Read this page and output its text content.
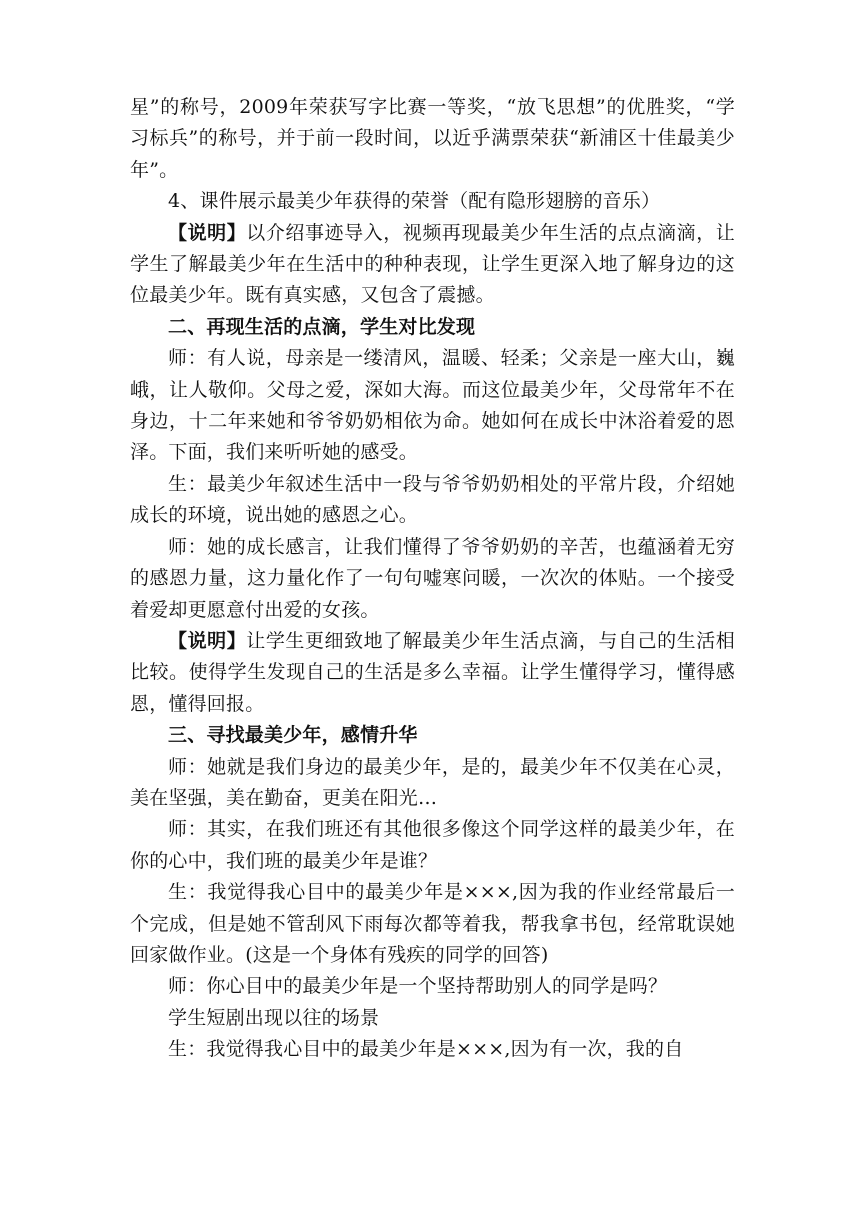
星”的称号，2009年荣获写字比赛一等奖，“放飞思想”的优胜奖，“学习标兵”的称号，并于前一段时间，以近乎满票荣获“新浦区十佳最美少年”。

4、课件展示最美少年获得的荣誉（配有隐形翅膀的音乐）

【说明】以介绍事迹导入，视频再现最美少年生活的点点滴滴，让学生了解最美少年在生活中的种种表现，让学生更深入地了解身边的这位最美少年。既有真实感，又包含了震撼。

二、再现生活的点滴，学生对比发现

师：有人说，母亲是一缕清风，温暖、轻柔；父亲是一座大山，巍峨，让人敬仰。父母之爱，深如大海。而这位最美少年，父母常年不在身边，十二年来她和爷爷奶奶相依为命。她如何在成长中沐浴着爱的恩泽。下面，我们来听听她的感受。

生：最美少年叙述生活中一段与爷爷奶奶相处的平常片段，介绍她成长的环境，说出她的感恩之心。

师：她的成长感言，让我们懂得了爷爷奶奶的辛苦，也蕴涵着无穷的感恩力量，这力量化作了一句句嘘寒问暖，一次次的体贴。一个接受着爱却更愿意付出爱的女孩。

【说明】让学生更细致地了解最美少年生活点滴，与自己的生活相比较。使得学生发现自己的生活是多么幸福。让学生懂得学习，懂得感恩，懂得回报。

三、寻找最美少年，感情升华

师：她就是我们身边的最美少年，是的，最美少年不仅美在心灵，美在坚强，美在勤奋，更美在阳光…

师：其实，在我们班还有其他很多像这个同学这样的最美少年，在你的心中，我们班的最美少年是谁？

生：我觉得我心目中的最美少年是×××,因为我的作业经常最后一个完成，但是她不管刮风下雨每次都等着我，帮我拿书包，经常耽误她回家做作业。(这是一个身体有残疾的同学的回答)

师：你心目中的最美少年是一个坚持帮助别人的同学是吗？

学生短剧出现以往的场景

生：我觉得我心目中的最美少年是×××,因为有一次，我的自
